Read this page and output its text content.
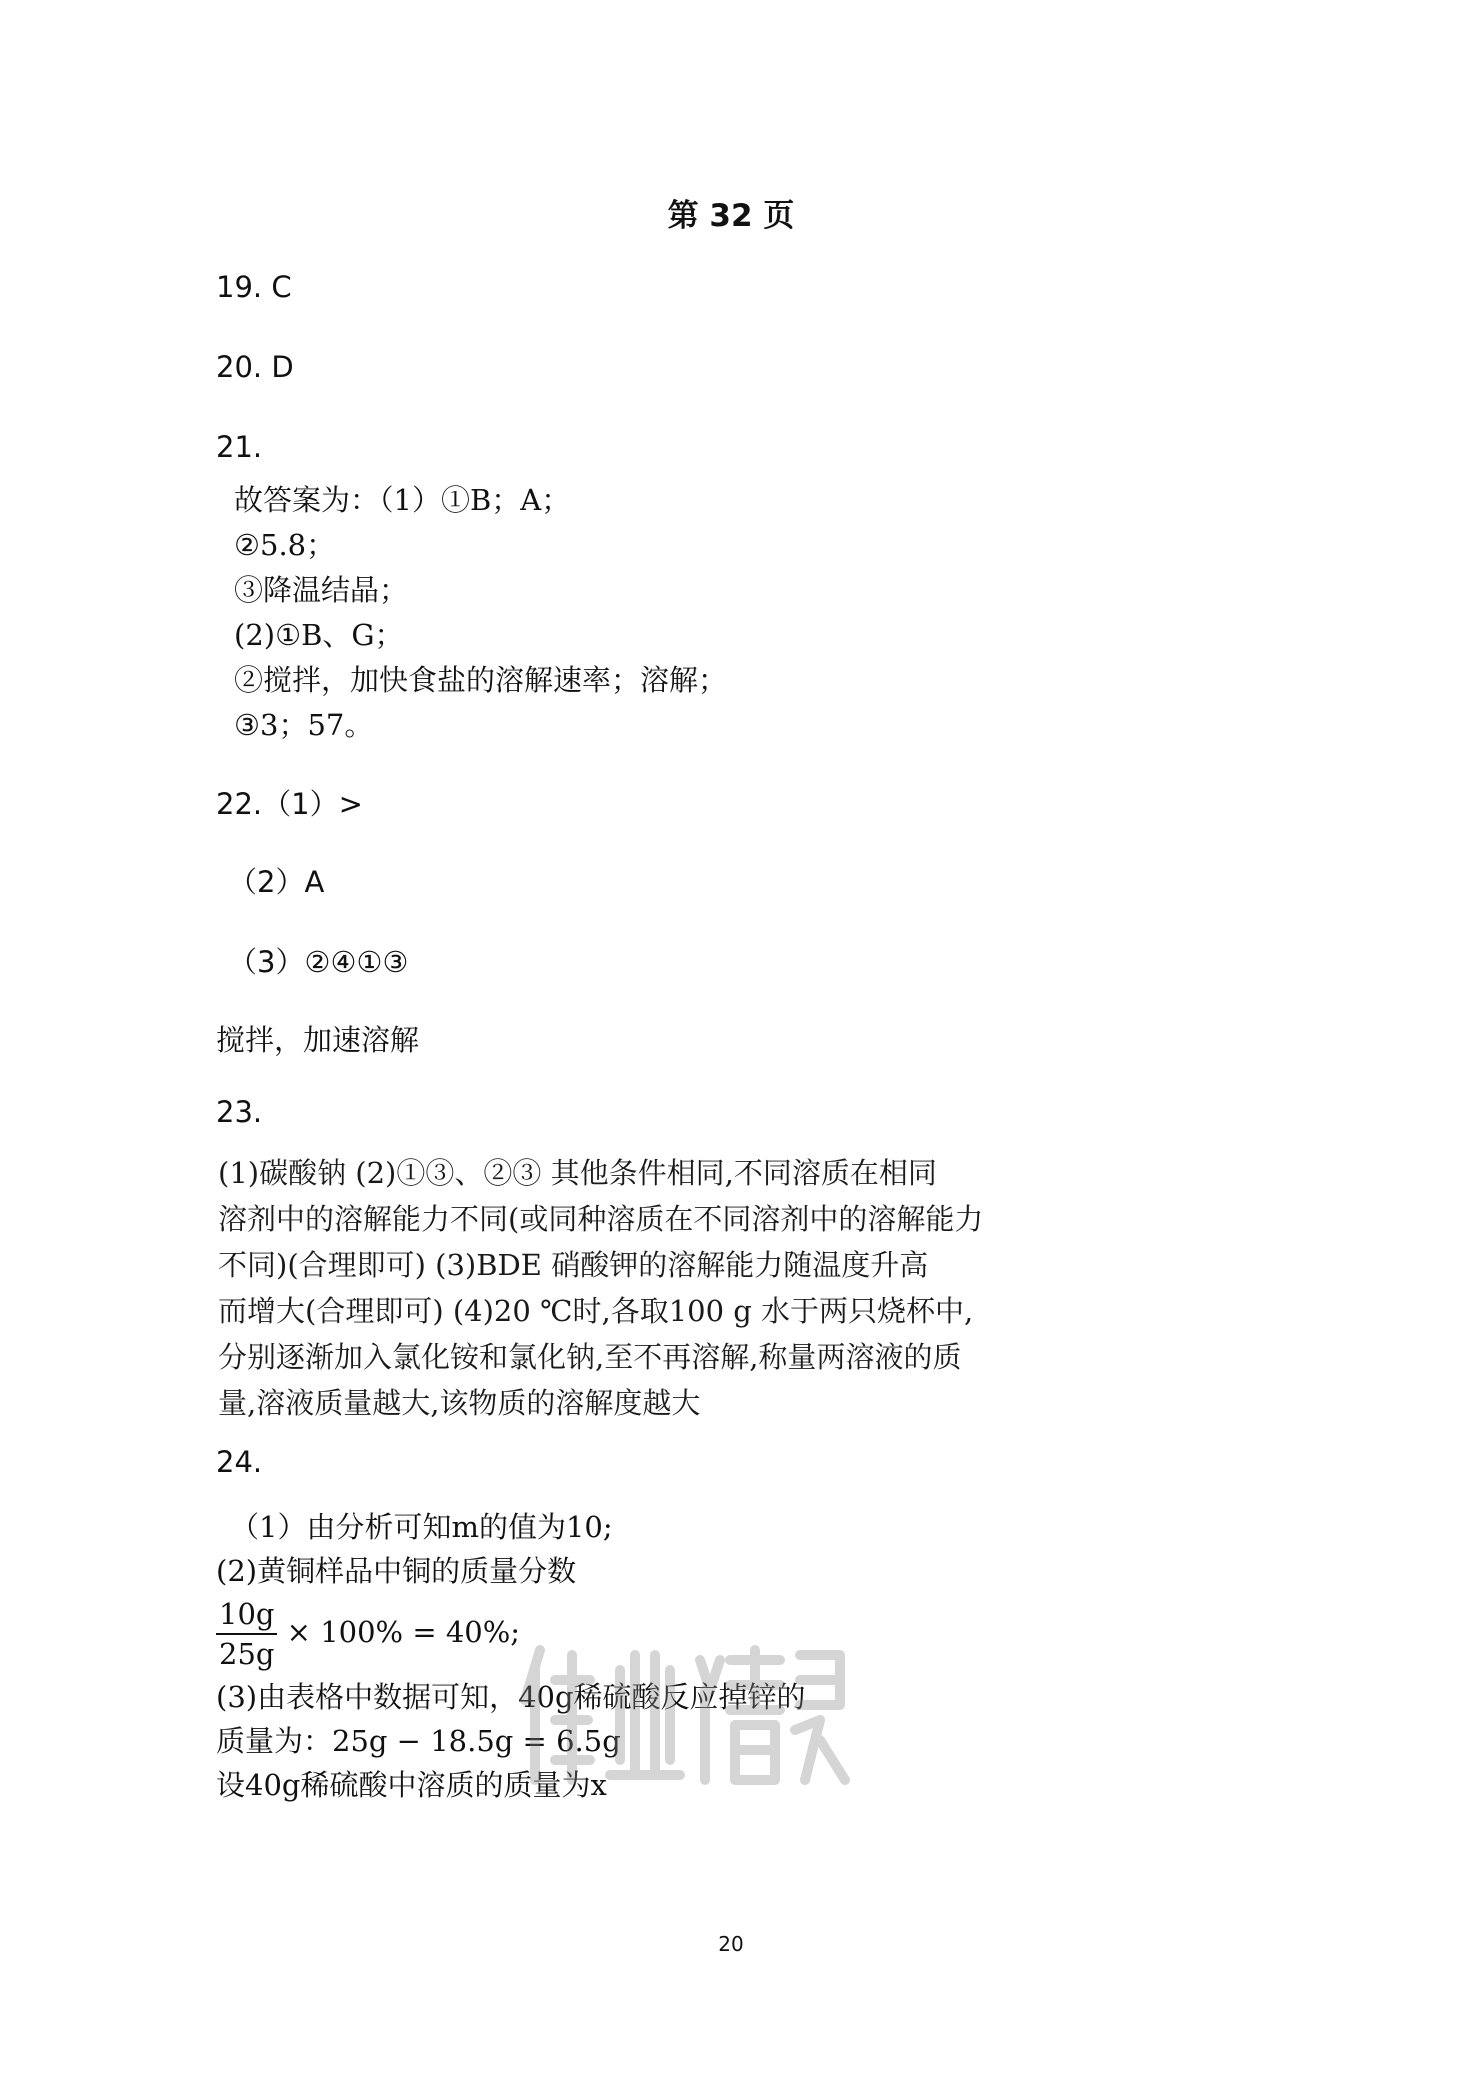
第 32 页
19. C
20. D
21.
故答案为：（1）①B；A；
②5.8；
③降温结晶；
(2)①B、G；
②搅拌，加快食盐的溶解速率；溶解；
③3；57。
22.（1）>
（2）A
（3）②④①③
搅拌，加速溶解
23.
(1)碳酸钠 (2)①③、②③ 其他条件相同,不同溶质在相同
溶剂中的溶解能力不同(或同种溶质在不同溶剂中的溶解能力
不同)(合理即可) (3)BDE 硝酸钾的溶解能力随温度升高
而增大(合理即可) (4)20 ℃时,各取100 g 水于两只烧杯中,
分别逐渐加入氯化铵和氯化钠,至不再溶解,称量两溶液的质
量,溶液质量越大,该物质的溶解度越大
24.
（1）由分析可知m的值为10;
(2)黄铜样品中铜的质量分数
$\frac{10g}{25g} \times 100\% = 40\%$;
(3)由表格中数据可知，40g稀硫酸反应掉锌的
质量为：25g − 18.5g = 6.5g
设40g稀硫酸中溶质的质量为x
作业精灵
20
